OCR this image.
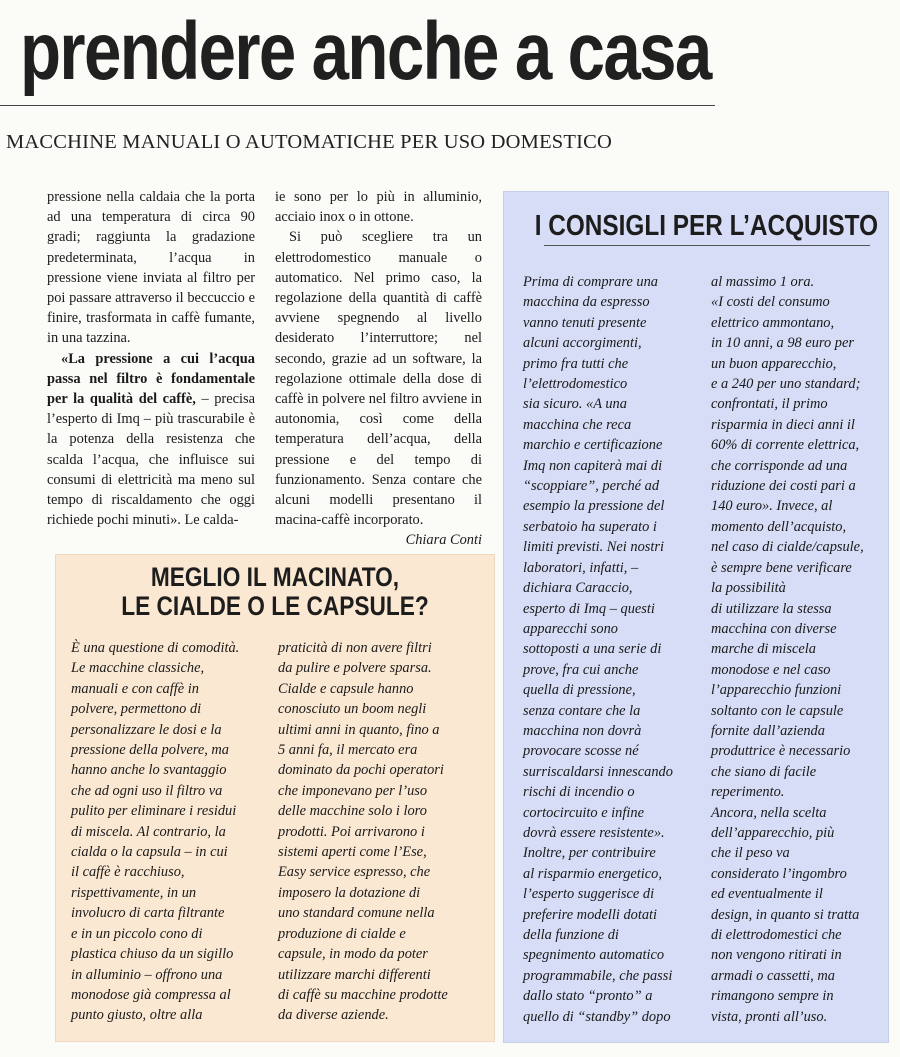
prendere anche a casa
MACCHINE MANUALI O AUTOMATICHE PER USO DOMESTICO

pressione nella caldaia che la porta ad una temperatura di circa 90 gradi; raggiunta la gradazione predeterminata, l’acqua in pressione viene inviata al filtro per poi passare attraverso il beccuccio e finire, trasformata in caffè fumante, in una tazzina.

«La pressione a cui l’acqua passa nel filtro è fondamentale per la qualità del caffè, – precisa l’esperto di Imq – più trascurabile è la potenza della resistenza che scalda l’acqua, che influisce sui consumi di elettricità ma meno sul tempo di riscaldamento che oggi richiede pochi minuti». Le calda-

ie sono per lo più in alluminio, acciaio inox o in ottone.

Si può scegliere tra un elettrodomestico manuale o automatico. Nel primo caso, la regolazione della quantità di caffè avviene spegnendo al livello desiderato l’interruttore; nel secondo, grazie ad un software, la regolazione ottimale della dose di caffè in polvere nel filtro avviene in autonomia, così come della temperatura dell’acqua, della pressione e del tempo di funzionamento. Senza contare che alcuni modelli presentano il macina-caffè incorporato.

Chiara Conti

I CONSIGLI PER L’ACQUISTO
Prima di comprare una
macchina da espresso
vanno tenuti presente
alcuni accorgimenti,
primo fra tutti che
l’elettrodomestico
sia sicuro. «A una
macchina che reca
marchio e certificazione
Imq non capiterà mai di
“scoppiare”, perché ad
esempio la pressione del
serbatoio ha superato i
limiti previsti. Nei nostri
laboratori, infatti, –
dichiara Caraccio,
esperto di Imq – questi
apparecchi sono
sottoposti a una serie di
prove, fra cui anche
quella di pressione,
senza contare che la
macchina non dovrà
provocare scosse né
surriscaldarsi innescando
rischi di incendio o
cortocircuito e infine
dovrà essere resistente».
Inoltre, per contribuire
al risparmio energetico,
l’esperto suggerisce di
preferire modelli dotati
della funzione di
spegnimento automatico
programmabile, che passi
dallo stato “pronto” a
quello di “standby” dopo
al massimo 1 ora.
«I costi del consumo
elettrico ammontano,
in 10 anni, a 98 euro per
un buon apparecchio,
e a 240 per uno standard;
confrontati, il primo
risparmia in dieci anni il
60% di corrente elettrica,
che corrisponde ad una
riduzione dei costi pari a
140 euro». Invece, al
momento dell’acquisto,
nel caso di cialde/capsule,
è sempre bene verificare
la possibilità
di utilizzare la stessa
macchina con diverse
marche di miscela
monodose e nel caso
l’apparecchio funzioni
soltanto con le capsule
fornite dall’azienda
produttrice è necessario
che siano di facile
reperimento.
Ancora, nella scelta
dell’apparecchio, più
che il peso va
considerato l’ingombro
ed eventualmente il
design, in quanto si tratta
di elettrodomestici che
non vengono ritirati in
armadi o cassetti, ma
rimangono sempre in
vista, pronti all’uso.
MEGLIO IL MACINATO,
LE CIALDE O LE CAPSULE?
È una questione di comodità.
Le macchine classiche,
manuali e con caffè in
polvere, permettono di
personalizzare le dosi e la
pressione della polvere, ma
hanno anche lo svantaggio
che ad ogni uso il filtro va
pulito per eliminare i residui
di miscela. Al contrario, la
cialda o la capsula – in cui
il caffè è racchiuso,
rispettivamente, in un
involucro di carta filtrante
e in un piccolo cono di
plastica chiuso da un sigillo
in alluminio – offrono una
monodose già compressa al
punto giusto, oltre alla
praticità di non avere filtri
da pulire e polvere sparsa.
Cialde e capsule hanno
conosciuto un boom negli
ultimi anni in quanto, fino a
5 anni fa, il mercato era
dominato da pochi operatori
che imponevano per l’uso
delle macchine solo i loro
prodotti. Poi arrivarono i
sistemi aperti come l’Ese,
Easy service espresso, che
imposero la dotazione di
uno standard comune nella
produzione di cialde e
capsule, in modo da poter
utilizzare marchi differenti
di caffè su macchine prodotte
da diverse aziende.
